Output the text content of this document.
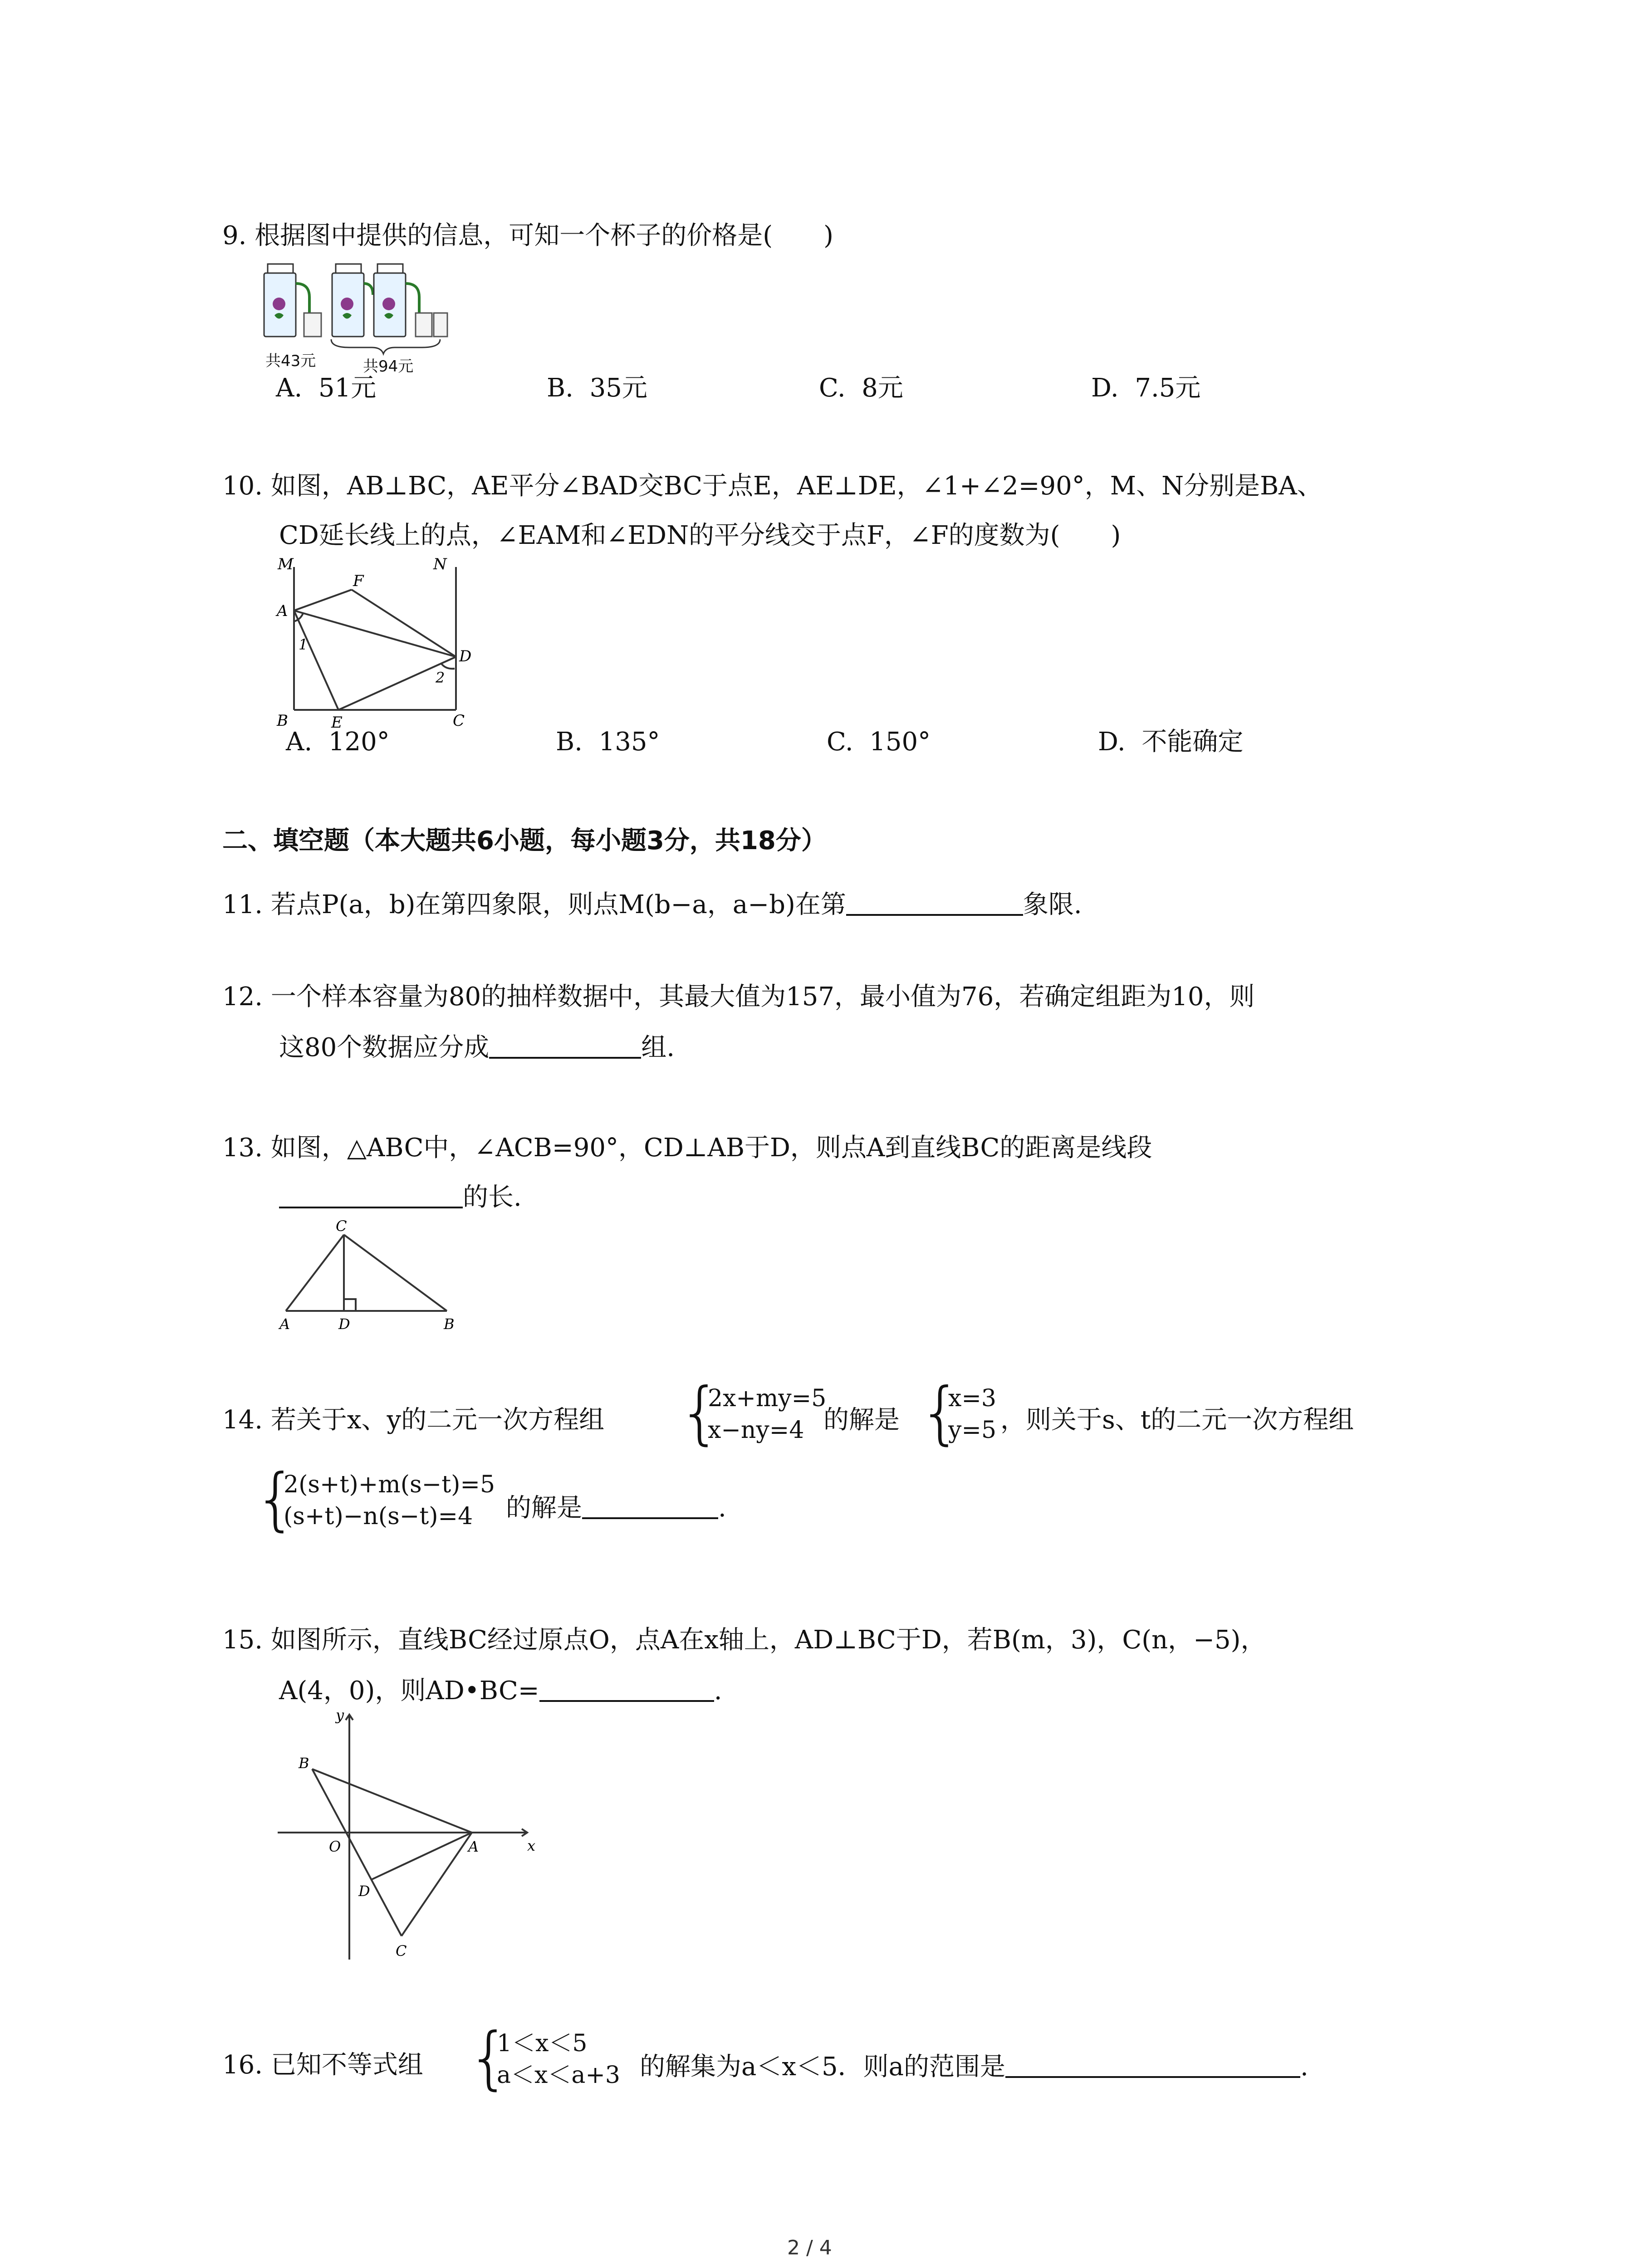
9. 根据图中提供的信息，可知一个杯子的价格是(　　)
共43元	共94元
A. 51元	B. 35元	C. 8元	D. 7.5元
10. 如图，AB⊥BC，AE平分∠BAD交BC于点E，AE⊥DE，∠1+∠2=90°，M、N分别是BA、
CD延长线上的点，∠EAM和∠EDN的平分线交于点F，∠F的度数为(　　)
M	N
F
A
D
B	E	C
1
2
A. 120°	B. 135°	C. 150°	D. 不能确定
二、填空题（本大题共6小题，每小题3分，共18分）
11. 若点P(a，b)在第四象限，则点M(b−a，a−b)在第	象限.
12. 一个样本容量为80的抽样数据中，其最大值为157，最小值为76，若确定组距为10，则
这80个数据应分成	组.
13. 如图，△ABC中，∠ACB=90°，CD⊥AB于D，则点A到直线BC的距离是线段
的长.
C
A	D	B
14. 若关于x、y的二元一次方程组 {
2x+my=5
x−ny=4 的解是 {
x=3
y=5 ，则关于s、t的二元一次方程组
{
2(s+t)+m(s−t)=5
(s+t)−n(s−t)=4	的解是	.
15. 如图所示，直线BC经过原点O，点A在x轴上，AD⊥BC于D，若B(m，3)，C(n，−5)，
A(4，0)，则AD•BC=	.
y
x
B
O	A
D
C
16. 已知不等式组 {
1＜x＜5
a＜x＜a+3 的解集为a＜x＜5．则a的范围是	.
2 / 4
